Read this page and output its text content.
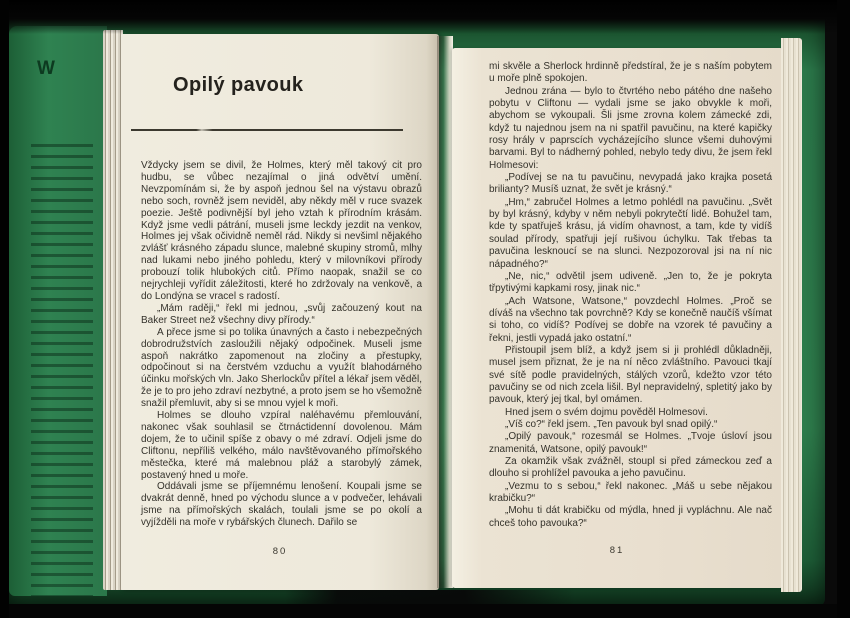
W
Opilý pavouk

Vždycky jsem se divil, že Holmes, který měl takový cit pro hudbu, se vůbec nezajímal o jiná odvětví umění. Nevzpomínám si, že by aspoň jednou šel na výstavu obrazů nebo soch, rovněž jsem neviděl, aby někdy měl v ruce svazek poezie. Ještě podivnější byl jeho vztah k přírodním krásám. Když jsme vedli pátrání, museli jsme leckdy jezdit na venkov, Holmes jej však očividně neměl rád. Nikdy si nevšiml nějakého zvlášť krásného západu slunce, malebné skupiny stromů, mlhy nad lukami nebo jiného pohledu, který v milovníkovi přírody probouzí tolik hlubokých citů. Přímo naopak, snažil se co nejrychleji vyřídit záležitosti, které ho zdržovaly na venkově, a do Londýna se vracel s radostí.

„Mám raději,“ řekl mi jednou, „svůj začouzený kout na Baker Street než všechny divy přírody.“

A přece jsme si po tolika únavných a často i nebezpečných dobrodružstvích zasloužili nějaký odpočinek. Museli jsme aspoň nakrátko zapomenout na zločiny a přestupky, odpočinout si na čerstvém vzduchu a využít blahodárného účinku mořských vln. Jako Sherlockův přítel a lékař jsem věděl, že je to pro jeho zdraví nezbytné, a proto jsem se ho všemožně snažil přemluvit, aby si se mnou vyjel k moři.

Holmes se dlouho vzpíral naléhavému přemlouvání, nakonec však souhlasil se čtrnáctidenní dovolenou. Mám dojem, že to učinil spíše z obavy o mé zdraví. Odjeli jsme do Cliftonu, nepříliš velkého, málo navštěvovaného přímořského městečka, které má malebnou pláž a starobylý zámek, postavený hned u moře.

Oddávali jsme se příjemnému lenošení. Koupali jsme se dvakrát denně, hned po východu slunce a v podvečer, lehávali jsme na přímořských skalách, toulali jsme se po okolí a vyjížděli na moře v rybářských člunech. Dařilo se

80

mi skvěle a Sherlock hrdinně předstíral, že je s naším pobytem u moře plně spokojen.

Jednou zrána — bylo to čtvrtého nebo pátého dne našeho pobytu v Cliftonu — vydali jsme se jako obvykle k moři, abychom se vykoupali. Šli jsme zrovna kolem zámecké zdi, když tu najednou jsem na ni spatřil pavučinu, na které kapičky rosy hrály v paprscích vycházejícího slunce všemi duhovými barvami. Byl to nádherný pohled, nebylo tedy divu, že jsem řekl Holmesovi:

„Podívej se na tu pavučinu, nevypadá jako krajka posetá brilianty? Musíš uznat, že svět je krásný.“

„Hm,“ zabručel Holmes a letmo pohlédl na pavučinu. „Svět by byl krásný, kdyby v něm nebyli pokrytečtí lidé. Bohužel tam, kde ty spatřuješ krásu, já vidím ohavnost, a tam, kde ty vidíš soulad přírody, spatřuji její rušivou úchylku. Tak třebas ta pavučina lesknoucí se na slunci. Nezpozoroval jsi na ní nic nápadného?“

„Ne, nic,“ odvětil jsem udiveně. „Jen to, že je pokryta třpytivými kapkami rosy, jinak nic.“

„Ach Watsone, Watsone,“ povzdechl Holmes. „Proč se díváš na všechno tak povrchně? Kdy se konečně naučíš všímat si toho, co vidíš? Podívej se dobře na vzorek té pavučiny a řekni, jestli vypadá jako ostatní.“

Přistoupil jsem blíž, a když jsem si ji prohlédl důkladněji, musel jsem přiznat, že je na ní něco zvláštního. Pavouci tkají své sítě podle pravidelných, stálých vzorů, kdežto vzor této pavučiny se od nich zcela lišil. Byl nepravidelný, spletitý jako by pavouk, který jej tkal, byl omámen.

Hned jsem o svém dojmu pověděl Holmesovi.

„Víš co?“ řekl jsem. „Ten pavouk byl snad opilý.“

„Opilý pavouk,“ rozesmál se Holmes. „Tvoje úsloví jsou znamenitá, Watsone, opilý pavouk!“

Za okamžik však zvážněl, stoupl si před zámeckou zeď a dlouho si prohlížel pavouka a jeho pavučinu.

„Vezmu to s sebou,“ řekl nakonec. „Máš u sebe nějakou krabičku?“

„Mohu ti dát krabičku od mýdla, hned ji vypláchnu. Ale nač chceš toho pavouka?“

81
